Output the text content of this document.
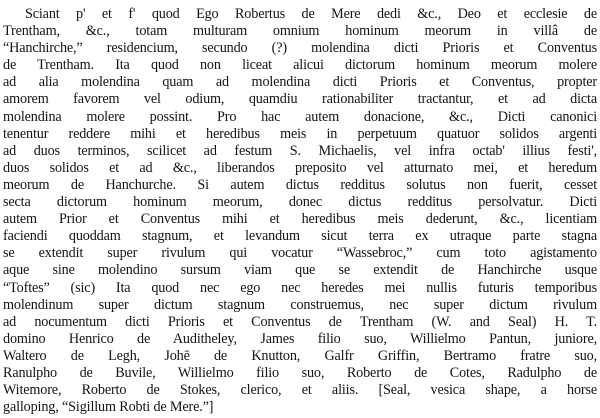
Sciant p' et f' quod Ego Robertus de Mere dedi &c., Deo et ecclesie de
Trentham, &c., totam multuram omnium hominum meorum in villâ de
“Hanchirche,” residencium, secundo (?) molendina dicti Prioris et Conventus
de Trentham. Ita quod non liceat alicui dictorum hominum meorum molere
ad alia molendina quam ad molendina dicti Prioris et Conventus, propter
amorem favorem vel odium, quamdiu rationabiliter tractantur, et ad dicta
molendina molere possint. Pro hac autem donacione, &c., Dicti canonici
tenentur reddere mihi et heredibus meis in perpetuum quatuor solidos argenti
ad duos terminos, scilicet ad festum S. Michaelis, vel infra octab' illius festi',
duos solidos et ad &c., liberandos preposito vel atturnato mei, et heredum
meorum de Hanchurche. Si autem dictus redditus solutus non fuerit, cesset
secta dictorum hominum meorum, donec dictus redditus persolvatur. Dicti
autem Prior et Conventus mihi et heredibus meis dederunt, &c., licentiam
faciendi quoddam stagnum, et levandum sicut terra ex utraque parte stagna
se extendit super rivulum qui vocatur “Wassebroc,” cum toto agistamento
aque sine molendino sursum viam que se extendit de Hanchirche usque
“Toftes” (sic) Ita quod nec ego nec heredes mei nullis futuris temporibus
molendinum super dictum stagnum construemus, nec super dictum rivulum
ad nocumentum dicti Prioris et Conventus de Trentham (W. and Seal) H. T.
domino Henrico de Auditheley, James filio suo, Willielmo Pantun, juniore,
Waltero de Legh, Johē de Knutton, Galfr Griffin, Bertramo fratre suo,
Ranulpho de Buvile, Willielmo filio suo, Roberto de Cotes, Radulpho de
Witemore, Roberto de Stokes, clerico, et aliis. [Seal, vesica shape, a horse
galloping, “Sigillum Robti de Mere.”]
